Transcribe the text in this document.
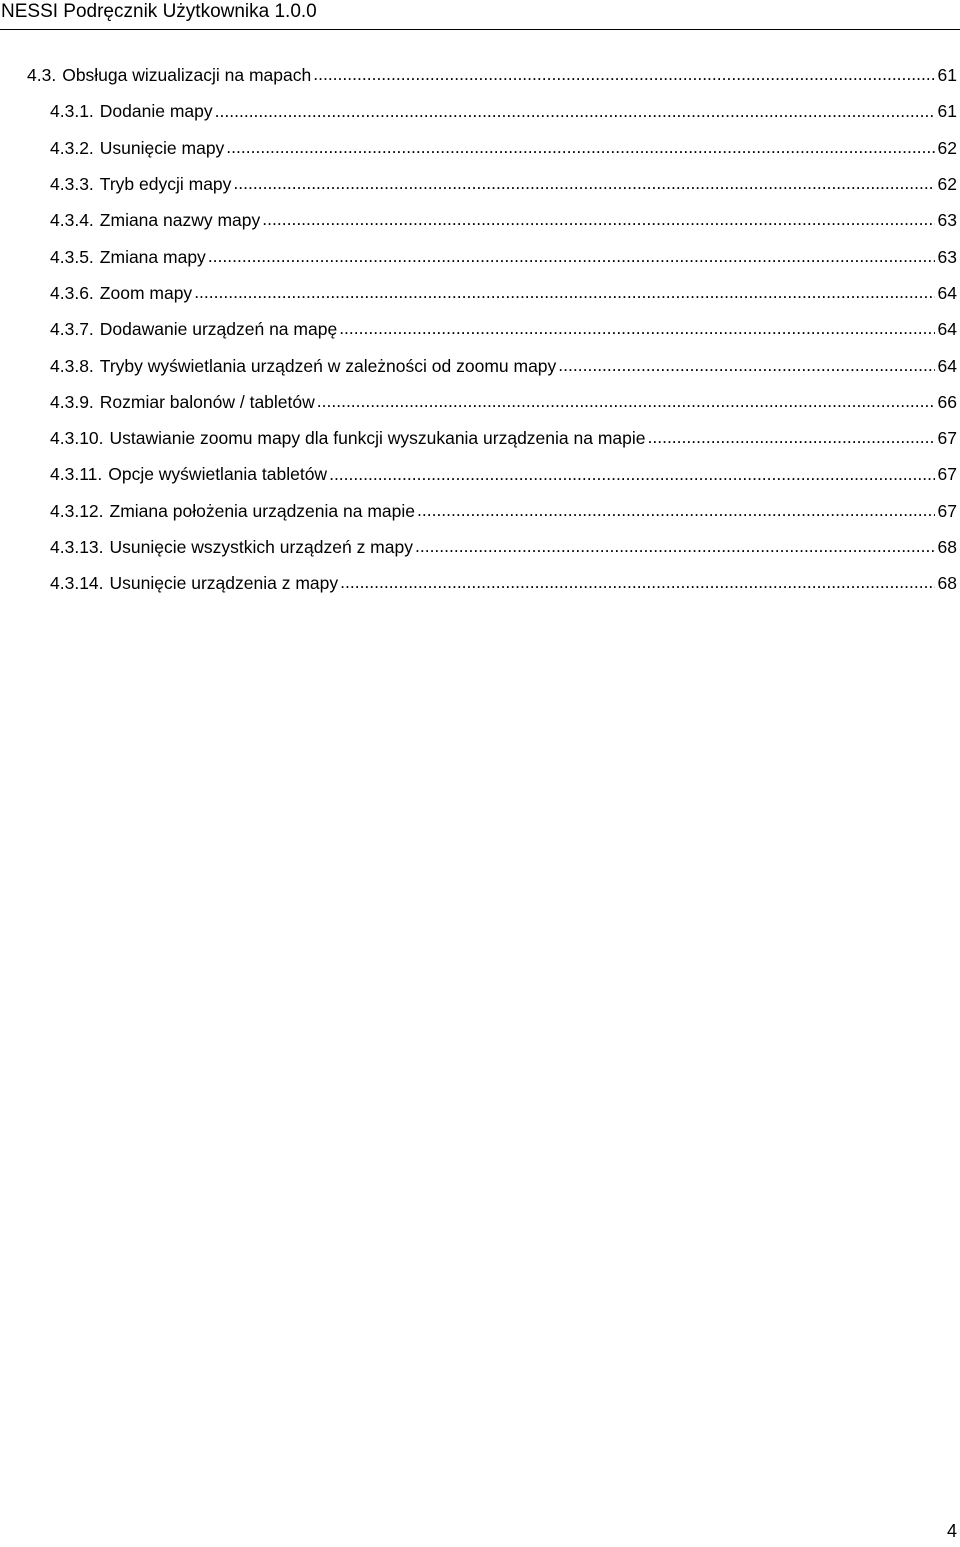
NESSI Podręcznik Użytkownika 1.0.0
4.3. Obsługa wizualizacji na mapach .....	61
4.3.1. Dodanie mapy .....	61
4.3.2. Usunięcie mapy .....	62
4.3.3. Tryb edycji mapy .....	62
4.3.4. Zmiana nazwy mapy .....	63
4.3.5. Zmiana mapy .....	63
4.3.6. Zoom mapy .....	64
4.3.7. Dodawanie urządzeń na mapę .....	64
4.3.8. Tryby wyświetlania urządzeń w zależności od zoomu mapy .....	64
4.3.9. Rozmiar balonów / tabletów .....	66
4.3.10. Ustawianie zoomu mapy dla funkcji wyszukania urządzenia na mapie .....	67
4.3.11. Opcje wyświetlania tabletów .....	67
4.3.12. Zmiana położenia urządzenia na mapie .....	67
4.3.13. Usunięcie wszystkich urządzeń z mapy .....	68
4.3.14. Usunięcie urządzenia z mapy .....	68
4
